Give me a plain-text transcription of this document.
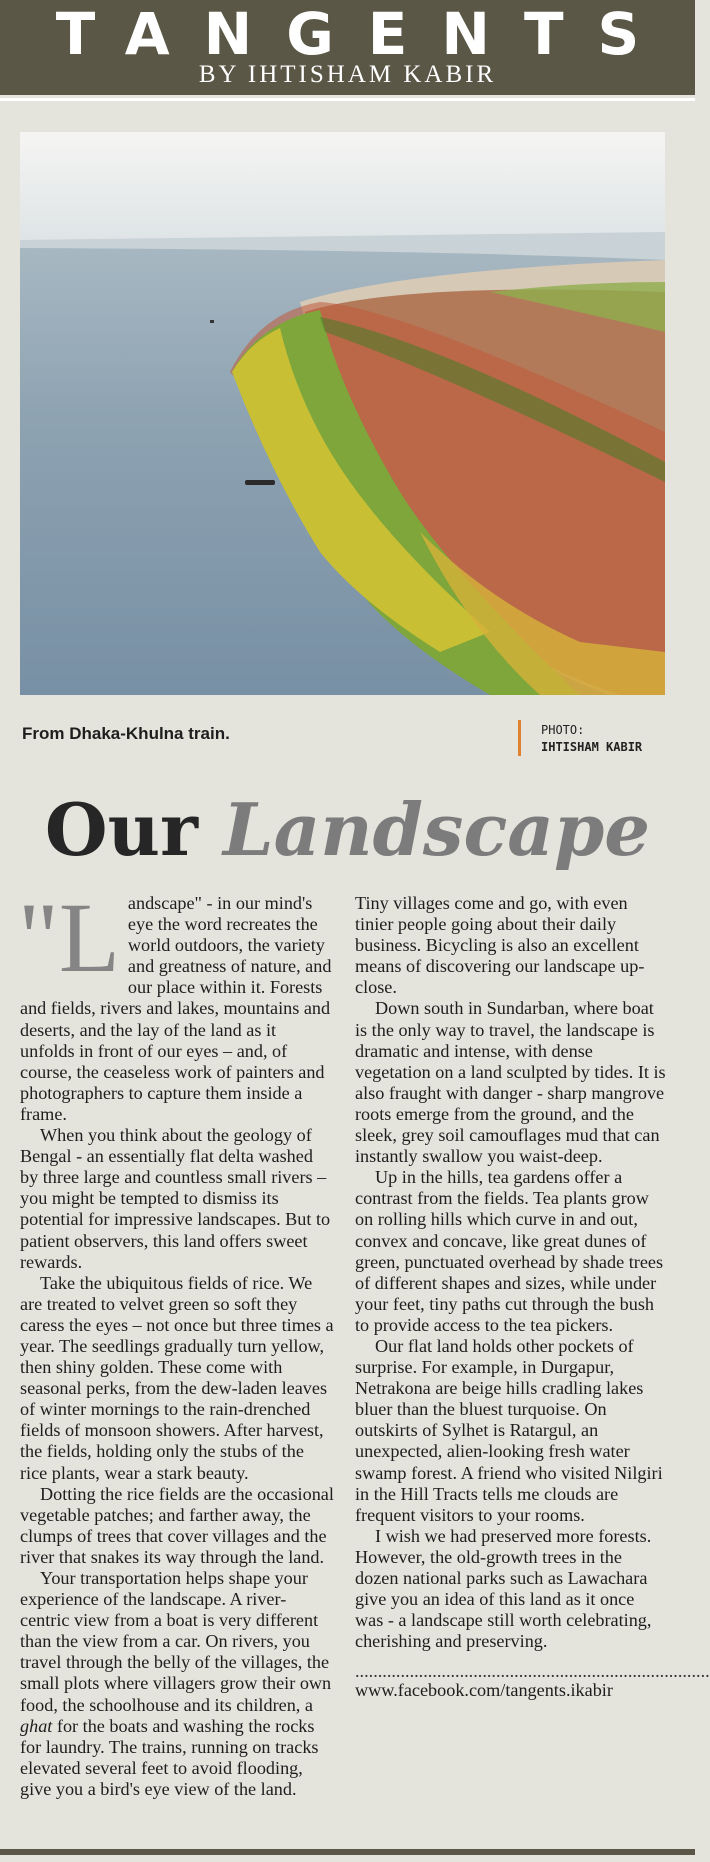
TANGENTS
BY IHTISHAM KABIR
From Dhaka-Khulna train.	PHOTO:
IHTISHAM KABIR
Our Landscape

"Landscape" - in our mind's eye the word recreates the world outdoors, the variety and greatness of nature, and our place within it. Forests and fields, rivers and lakes, mountains and deserts, and the lay of the land as it unfolds in front of our eyes – and, of course, the ceaseless work of painters and photographers to capture them inside a frame.

When you think about the geology of Bengal - an essentially flat delta washed by three large and countless small rivers – you might be tempted to dismiss its potential for impressive landscapes. But to patient observers, this land offers sweet rewards.

Take the ubiquitous fields of rice. We are treated to velvet green so soft they caress the eyes – not once but three times a year. The seedlings gradually turn yellow, then shiny golden. These come with seasonal perks, from the dew-laden leaves of winter mornings to the rain-drenched fields of monsoon showers. After harvest, the fields, holding only the stubs of the rice plants, wear a stark beauty.

Dotting the rice fields are the occasional vegetable patches; and farther away, the clumps of trees that cover villages and the river that snakes its way through the land.

Your transportation helps shape your experience of the landscape. A river-centric view from a boat is very different than the view from a car. On rivers, you travel through the belly of the villages, the small plots where villagers grow their own food, the schoolhouse and its children, a ghat for the boats and washing the rocks for laundry. The trains, running on tracks elevated several feet to avoid flooding, give you a bird's eye view of the land.

Tiny villages come and go, with even tinier people going about their daily business. Bicycling is also an excellent means of discovering our landscape up-close.

Down south in Sundarban, where boat is the only way to travel, the landscape is dramatic and intense, with dense vegetation on a land sculpted by tides. It is also fraught with danger - sharp mangrove roots emerge from the ground, and the sleek, grey soil camouflages mud that can instantly swallow you waist-deep.

Up in the hills, tea gardens offer a contrast from the fields. Tea plants grow on rolling hills which curve in and out, convex and concave, like great dunes of green, punctuated overhead by shade trees of different shapes and sizes, while under your feet, tiny paths cut through the bush to provide access to the tea pickers.

Our flat land holds other pockets of surprise. For example, in Durgapur, Netrakona are beige hills cradling lakes bluer than the bluest turquoise. On outskirts of Sylhet is Ratargul, an unexpected, alien-looking fresh water swamp forest. A friend who visited Nilgiri in the Hill Tracts tells me clouds are frequent visitors to your rooms.

I wish we had preserved more forests. However, the old-growth trees in the dozen national parks such as Lawachara give you an idea of this land as it once was - a landscape still worth celebrating, cherishing and preserving.

..............................................................................
www.facebook.com/tangents.ikabir
